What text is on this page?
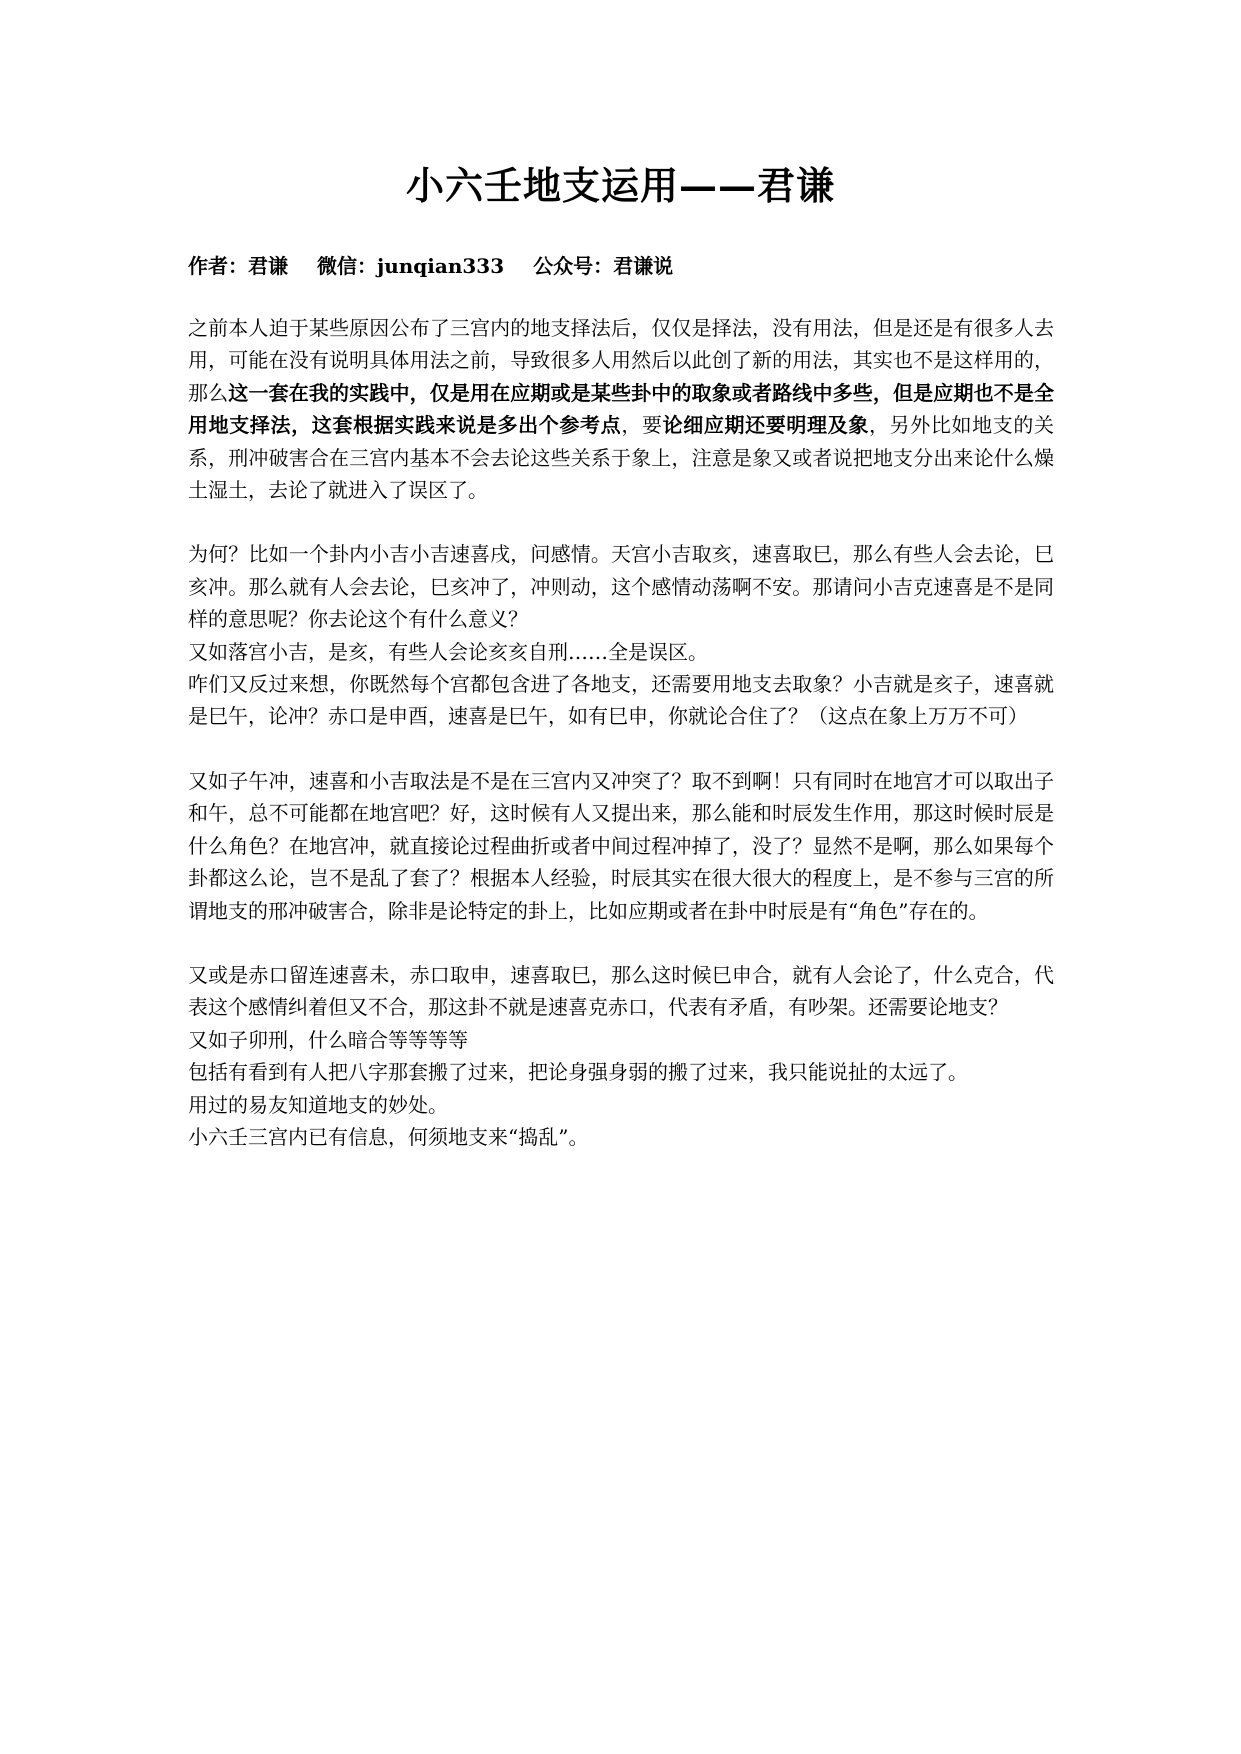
小六壬地支运用——君谦
作者：君谦 微信：junqian333 公众号：君谦说

之前本人迫于某些原因公布了三宫内的地支择法后，仅仅是择法，没有用法，但是还是有很多人去用，可能在没有说明具体用法之前，导致很多人用然后以此创了新的用法，其实也不是这样用的，那么这一套在我的实践中，仅是用在应期或是某些卦中的取象或者路线中多些，但是应期也不是全用地支择法，这套根据实践来说是多出个参考点，要论细应期还要明理及象，另外比如地支的关系，刑冲破害合在三宫内基本不会去论这些关系于象上，注意是象又或者说把地支分出来论什么燥土湿土，去论了就进入了误区了。

为何？比如一个卦内小吉小吉速喜戌，问感情。天宫小吉取亥，速喜取巳，那么有些人会去论，巳亥冲。那么就有人会去论，巳亥冲了，冲则动，这个感情动荡啊不安。那请问小吉克速喜是不是同样的意思呢？你去论这个有什么意义？

又如落宫小吉，是亥，有些人会论亥亥自刑……全是误区。

咋们又反过来想，你既然每个宫都包含进了各地支，还需要用地支去取象？小吉就是亥子，速喜就是巳午，论冲？赤口是申酉，速喜是巳午，如有巳申，你就论合住了？（这点在象上万万不可）

又如子午冲，速喜和小吉取法是不是在三宫内又冲突了？取不到啊！只有同时在地宫才可以取出子和午，总不可能都在地宫吧？好，这时候有人又提出来，那么能和时辰发生作用，那这时候时辰是什么角色？在地宫冲，就直接论过程曲折或者中间过程冲掉了，没了？显然不是啊，那么如果每个卦都这么论，岂不是乱了套了？根据本人经验，时辰其实在很大很大的程度上，是不参与三宫的所谓地支的邢冲破害合，除非是论特定的卦上，比如应期或者在卦中时辰是有“角色”存在的。

又或是赤口留连速喜未，赤口取申，速喜取巳，那么这时候巳申合，就有人会论了，什么克合，代表这个感情纠着但又不合，那这卦不就是速喜克赤口，代表有矛盾，有吵架。还需要论地支？

又如子卯刑，什么暗合等等等等

包括有看到有人把八字那套搬了过来，把论身强身弱的搬了过来，我只能说扯的太远了。

用过的易友知道地支的妙处。

小六壬三宫内已有信息，何须地支来“捣乱”。
